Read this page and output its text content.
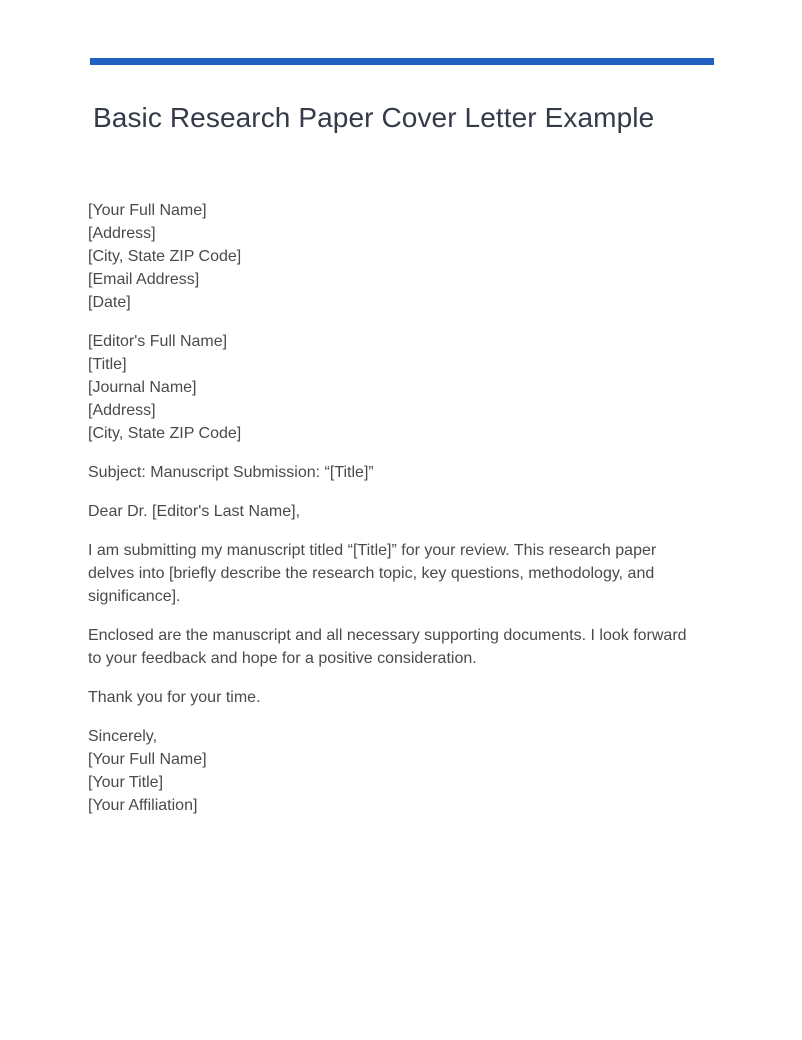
Basic Research Paper Cover Letter Example
[Your Full Name]
[Address]
[City, State ZIP Code]
[Email Address]
[Date]
[Editor's Full Name]
[Title]
[Journal Name]
[Address]
[City, State ZIP Code]

Subject: Manuscript Submission: “[Title]”

Dear Dr. [Editor's Last Name],

I am submitting my manuscript titled “[Title]” for your review. This research paper delves into [briefly describe the research topic, key questions, methodology, and significance].

Enclosed are the manuscript and all necessary supporting documents. I look forward to your feedback and hope for a positive consideration.

Thank you for your time.

Sincerely,
[Your Full Name]
[Your Title]
[Your Affiliation]
